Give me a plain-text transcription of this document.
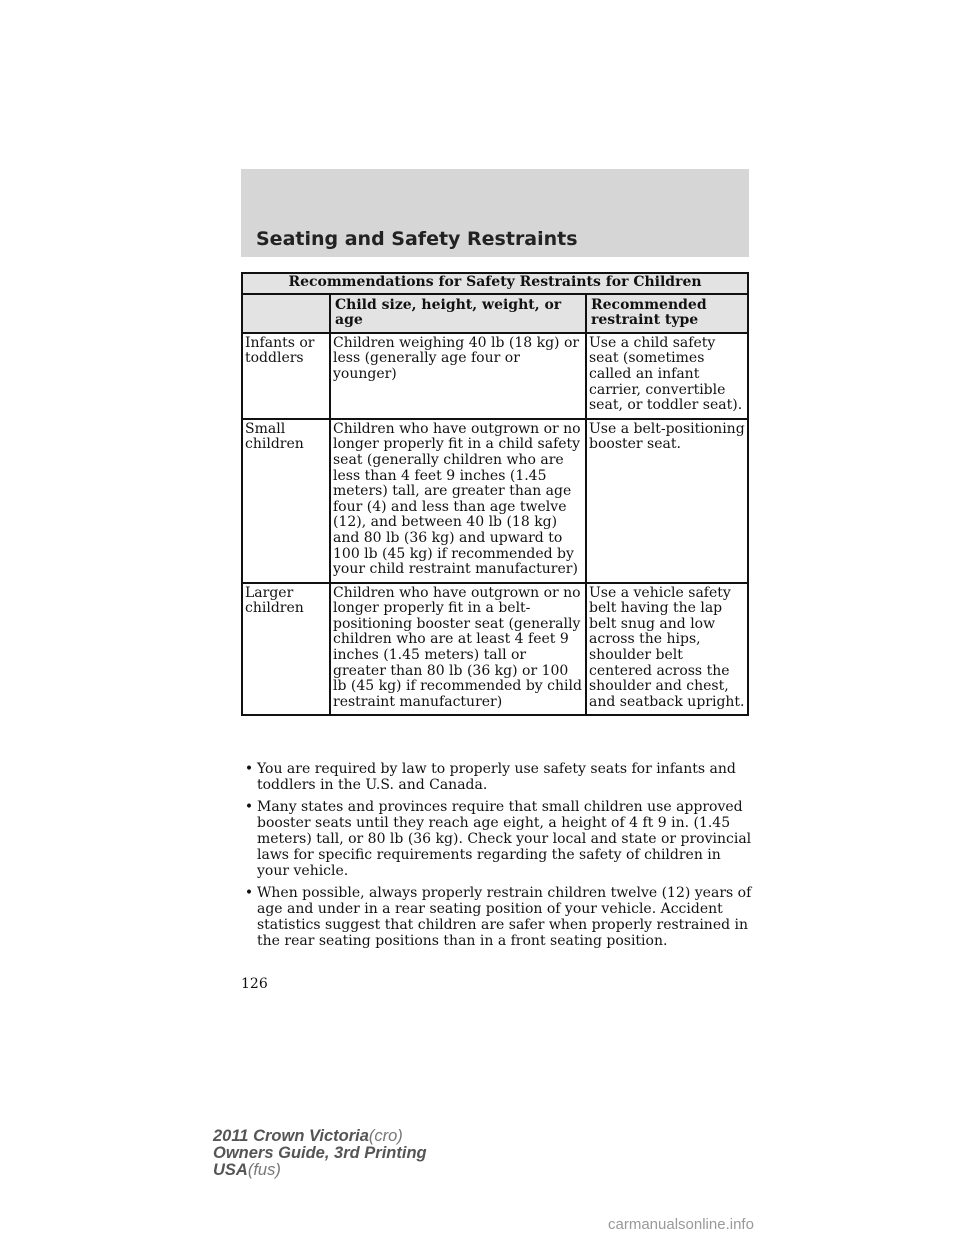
Seating and Safety Restraints
Recommendations for Safety Restraints for Children		
	Child size, height, weight, or age	Recommended restraint type
Infants or toddlers	Children weighing 40 lb (18 kg) or less (generally age four or younger)	Use a child safety seat (sometimes called an infant carrier, convertible seat, or toddler seat).
Small children	Children who have outgrown or no longer properly fit in a child safety seat (generally children who are less than 4 feet 9 inches (1.45 meters) tall, are greater than age four (4) and less than age twelve (12), and between 40 lb (18 kg) and 80 lb (36 kg) and upward to 100 lb (45 kg) if recommended by your child restraint manufacturer)	Use a belt-positioning booster seat.
Larger children	Children who have outgrown or no longer properly fit in a belt-positioning booster seat (generally children who are at least 4 feet 9 inches (1.45 meters) tall or greater than 80 lb (36 kg) or 100 lb (45 kg) if recommended by child restraint manufacturer)	Use a vehicle safety belt having the lap belt snug and low across the hips, shoulder belt centered across the shoulder and chest, and seatback upright.
• You are required by law to properly use safety seats for infants and toddlers in the U.S. and Canada.
• Many states and provinces require that small children use approved booster seats until they reach age eight, a height of 4 ft 9 in. (1.45 meters) tall, or 80 lb (36 kg). Check your local and state or provincial laws for specific requirements regarding the safety of children in your vehicle.
• When possible, always properly restrain children twelve (12) years of age and under in a rear seating position of your vehicle. Accident statistics suggest that children are safer when properly restrained in the rear seating positions than in a front seating position.
126
2011 Crown Victoria(cro)
Owners Guide, 3rd Printing
USA(fus)
carmanualsonline.info
